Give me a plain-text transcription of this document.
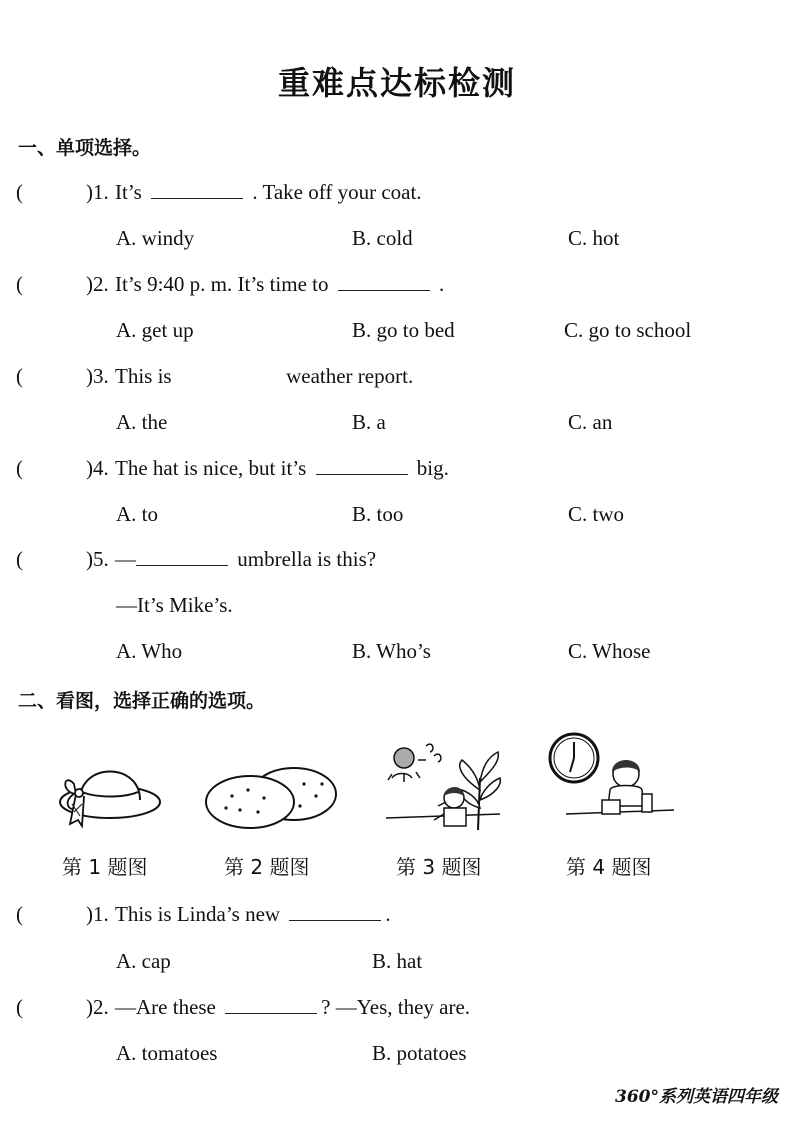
重难点达标检测
一、单项选择。
(	)1. It’s	. Take off your coat.
A. windy	B. cold	C. hot
(	)2. It’s 9:40 p. m. It’s time to	.
A. get up	B. go to bed	C. go to school
(	)3. This is	weather report.
A. the	B. a	C. an
(	)4. The hat is nice, but it’s	big.
A. to	B. too	C. two
(	)5. —	umbrella is this?
—It’s Mike’s.
A. Who	B. Who’s	C. Whose
二、看图，选择正确的选项。
第 1 题图	第 2 题图	第 3 题图	第 4 题图
(	)1. This is Linda’s new	.
A. cap	B. hat
(	)2. —Are these	? —Yes, they are.
A. tomatoes	B. potatoes
360°系列英语四年级
